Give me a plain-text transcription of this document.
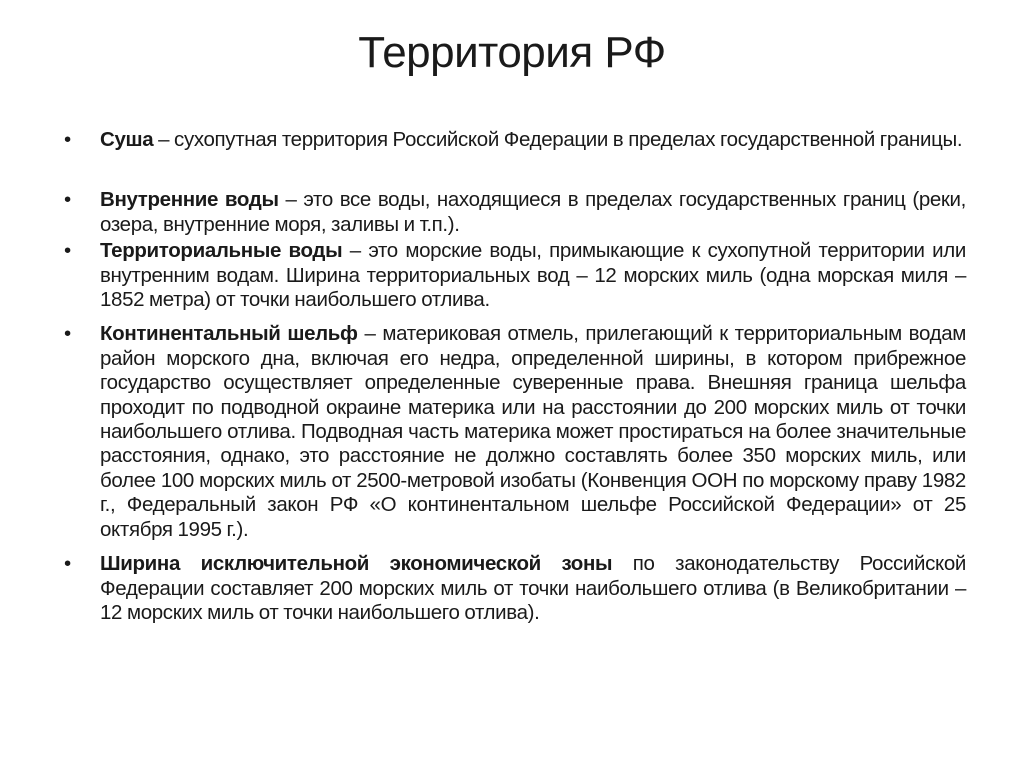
Территория РФ
• Суша – сухопутная территория Российской Федерации в пределах государственной границы.
• Внутренние воды – это все воды, находящиеся в пределах государственных границ (реки, озера, внутренние моря, заливы и т.п.).
• Территориальные воды – это морские воды, примыкающие к сухопутной территории или внутренним водам. Ширина территориальных вод – 12 морских миль (одна морская миля – 1852 метра) от точки наибольшего отлива.
• Континентальный шельф – материковая отмель, прилегающий к территориальным водам район морского дна, включая его недра, определенной ширины, в котором прибрежное государство осуществляет определенные суверенные права. Внешняя граница шельфа проходит по подводной окраине материка или на расстоянии до 200 морских миль от точки наибольшего отлива. Подводная часть материка может простираться на более значительные расстояния, однако, это расстояние не должно составлять более 350 морских миль, или более 100 морских миль от 2500-метровой изобаты (Конвенция ООН по морскому праву 1982 г., Федеральный закон РФ «О континентальном шельфе Российской Федерации» от 25 октября 1995 г.).
• Ширина исключительной экономической зоны по законодательству Российской Федерации составляет 200 морских миль от точки наибольшего отлива (в Великобритании – 12 морских миль от точки наибольшего отлива).
